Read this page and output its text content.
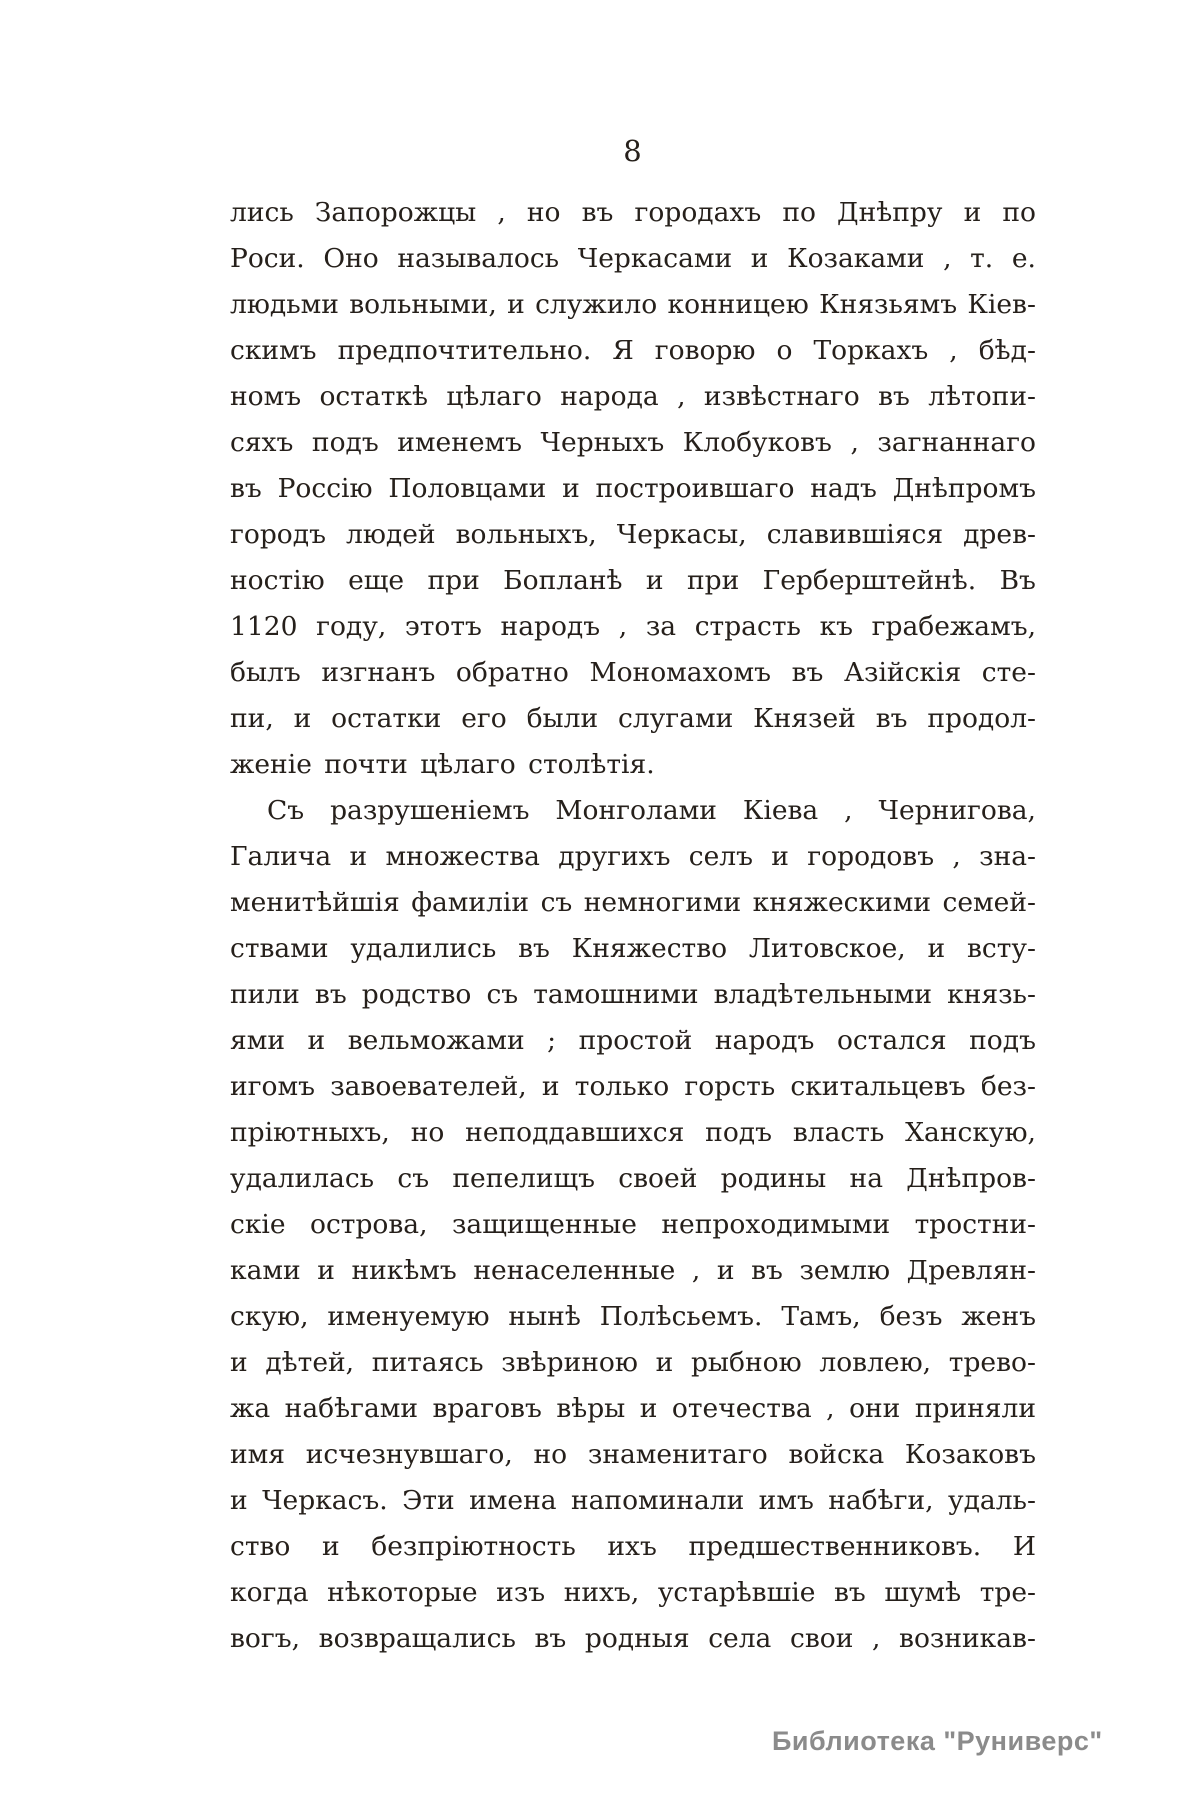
8
лись Запорожцы , но въ городахъ по Днѣпру и по
Роси. Оно называлось Черкасами и Козаками , т. е.
людьми вольными, и служило конницею Князьямъ Кіев-
скимъ предпочтительно. Я говорю о Торкахъ , бѣд-
номъ остаткѣ цѣлаго народа , извѣстнаго въ лѣтопи-
сяхъ подъ именемъ Черныхъ Клобуковъ , загнаннаго
въ Россію Половцами и построившаго надъ Днѣпромъ
городъ людей вольныхъ, Черкасы, славившіяся древ-
ностію еще при Бопланѣ и при Герберштейнѣ. Въ
1120 году, этотъ народъ , за страсть къ грабежамъ,
былъ изгнанъ обратно Мономахомъ въ Азійскія сте-
пи, и остатки его были слугами Князей въ продол-
женіе почти цѣлаго столѣтія.
Съ разрушеніемъ Монголами Кіева , Чернигова,
Галича и множества другихъ селъ и городовъ , зна-
менитѣйшія фамиліи съ немногими княжескими семей-
ствами удалились въ Княжество Литовское, и всту-
пили въ родство съ тамошними владѣтельными князь-
ями и вельможами ; простой народъ остался подъ
игомъ завоевателей, и только горсть скитальцевъ без-
пріютныхъ, но неподдавшихся подъ власть Ханскую,
удалилась съ пепелищъ своей родины на Днѣпров-
скіе острова, защищенные непроходимыми тростни-
ками и никѣмъ ненаселенные , и въ землю Древлян-
скую, именуемую нынѣ Полѣсьемъ. Тамъ, безъ женъ
и дѣтей, питаясь звѣриною и рыбною ловлею, трево-
жа набѣгами враговъ вѣры и отечества , они приняли
имя исчезнувшаго, но знаменитаго войска Козаковъ
и Черкасъ. Эти имена напоминали имъ набѣги, удаль-
ство и безпріютность ихъ предшественниковъ. И
когда нѣкоторые изъ нихъ, устарѣвшіе въ шумѣ тре-
вогъ, возвращались въ родныя села свои , возникав-
Библиотека "Руниверс"
